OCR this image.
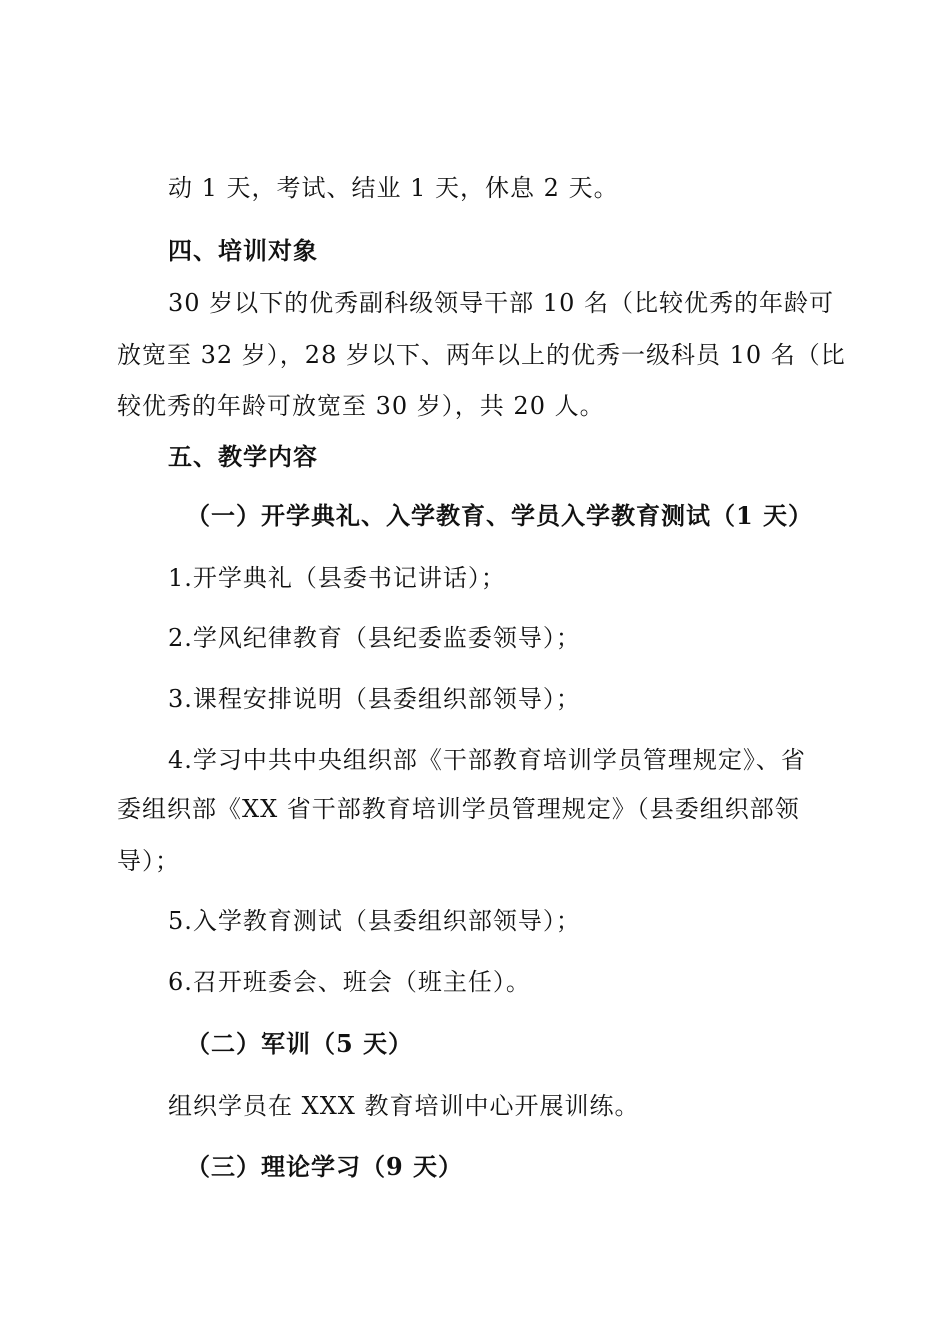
动 1 天，考试、结业 1 天，休息 2 天。
四、培训对象
30 岁以下的优秀副科级领导干部 10 名（比较优秀的年龄可
放宽至 32 岁），28 岁以下、两年以上的优秀一级科员 10 名（比
较优秀的年龄可放宽至 30 岁），共 20 人。
五、教学内容
（一）开学典礼、入学教育、学员入学教育测试（1 天）
1.开学典礼（县委书记讲话）；
2.学风纪律教育（县纪委监委领导）；
3.课程安排说明（县委组织部领导）；
4.学习中共中央组织部《干部教育培训学员管理规定》、省
委组织部《XX 省干部教育培训学员管理规定》（县委组织部领
导）；
5.入学教育测试（县委组织部领导）；
6.召开班委会、班会（班主任）。
（二）军训（5 天）
组织学员在 XXX 教育培训中心开展训练。
（三）理论学习（9 天）
